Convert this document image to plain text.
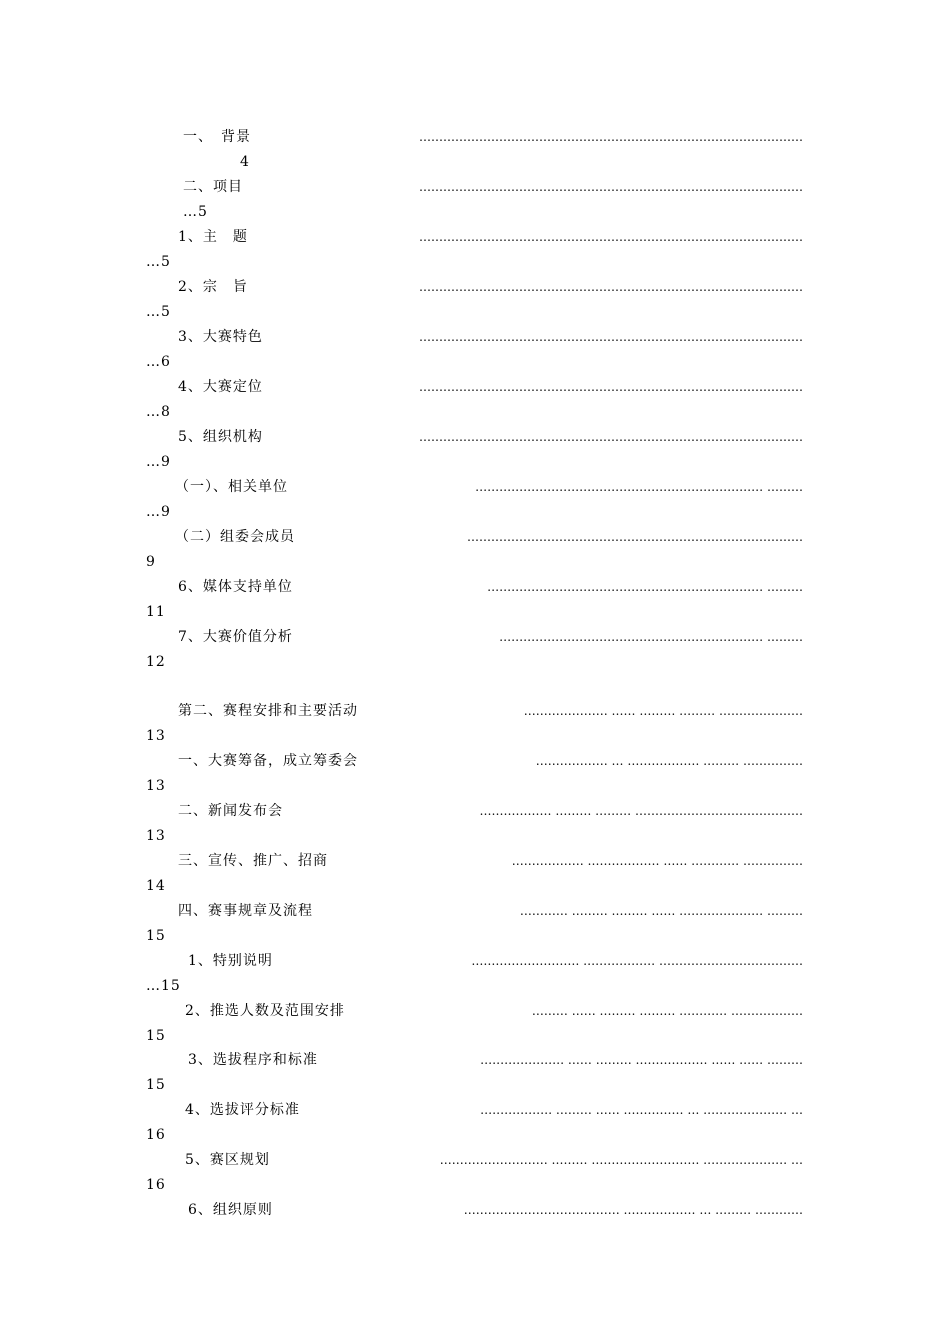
一、　背景	……………………………………………………………………………………
4
二、项目	……………………………………………………………………………………
…5
1、主　题	……………………………………………………………………………………
…5
2、宗　旨	……………………………………………………………………………………
…5
3、大赛特色	……………………………………………………………………………………
…6
4、大赛定位	……………………………………………………………………………………
…8
5、组织机构	……………………………………………………………………………………
…9
（一）、相关单位	……………………………………………………………… ………
…9
（二）组委会成员	…………………………………………………………………………
9
6、媒体支持单位	…………………………………………………………… ………
11
7、大赛价值分析	………………………………………………………… ………
12
第二、赛程安排和主要活动	………………… …… ……… ……… …………………
13
一、大赛筹备，成立筹委会	……………… … ……………… ……… ……………
13
二、新闻发布会	……………… ……… ……… ……………………………………
13
三、宣传、推广、招商	……………… ……………… …… ………… ……………
14
四、赛事规章及流程	………… ……… ……… …… ………………… ………
15
1、特别说明	……………………… ……………… ………………………………
…15
2、推选人数及范围安排	……… …… ……… ……… ………… ………………
15
3、选拔程序和标准	………………… …… ……… ……………… …… …… ………
15
4、选拔评分标准	……………… ……… …… …………… … ………………… …
16
5、赛区规划	……………………… ……… ……………………… ………………… …
16
6、组织原则	………………………………… ……………… … ……… …………
